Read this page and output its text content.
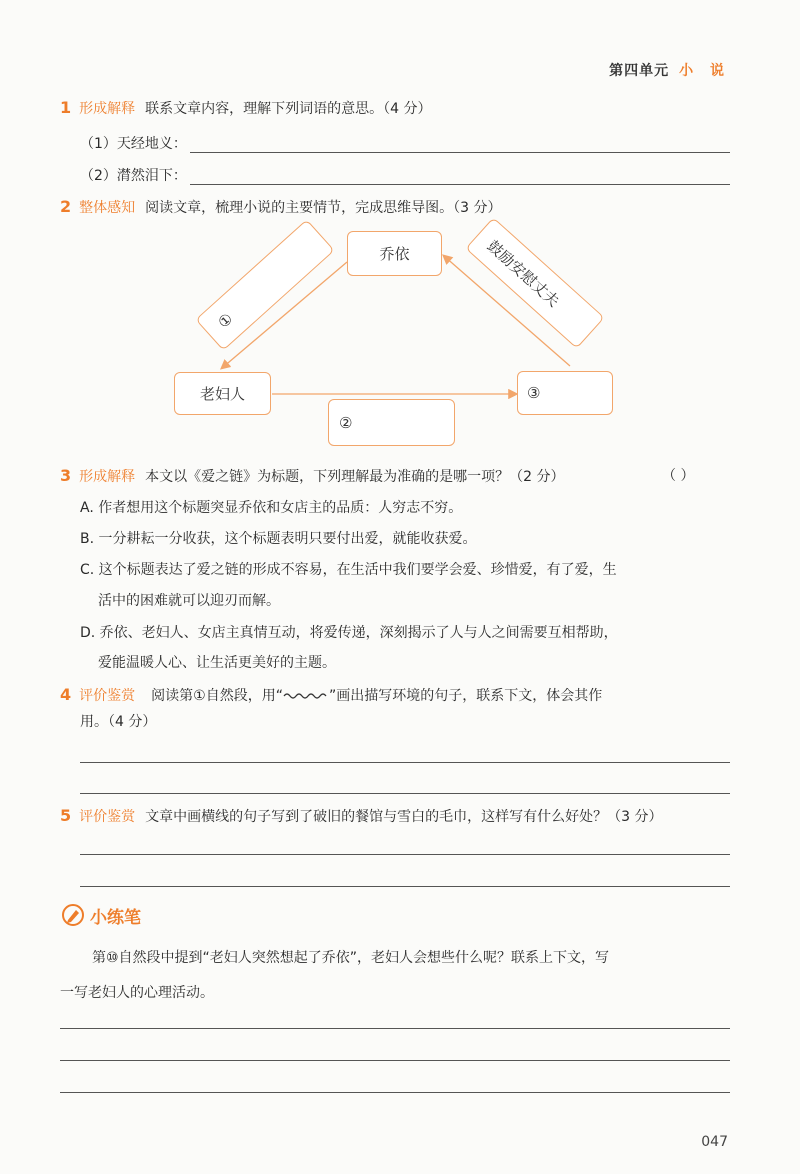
第四单元 小 说
1 形成解释 联系文章内容，理解下列词语的意思。（4 分）
（1）天经地义：
（2）潸然泪下：
2 整体感知 阅读文章，梳理小说的主要情节，完成思维导图。（3 分）
乔依
老妇人
①
②
③
鼓励安慰丈夫
3 形成解释 本文以《爱之链》为标题，下列理解最为准确的是哪一项？（2 分）	（ ）
A. 作者想用这个标题突显乔依和女店主的品质：人穷志不穷。
B. 一分耕耘一分收获，这个标题表明只要付出爱，就能收获爱。
C. 这个标题表达了爱之链的形成不容易，在生活中我们要学会爱、珍惜爱，有了爱，生
活中的困难就可以迎刃而解。
D. 乔依、老妇人、女店主真情互动，将爱传递，深刻揭示了人与人之间需要互相帮助，
爱能温暖人心、让生活更美好的主题。
4 评价鉴赏 阅读第①自然段，用“	”画出描写环境的句子，联系下文，体会其作
用。（4 分）
5 评价鉴赏 文章中画横线的句子写到了破旧的餐馆与雪白的毛巾，这样写有什么好处？（3 分）
小练笔
第⑩自然段中提到“老妇人突然想起了乔依”，老妇人会想些什么呢？联系上下文，写
一写老妇人的心理活动。
047
